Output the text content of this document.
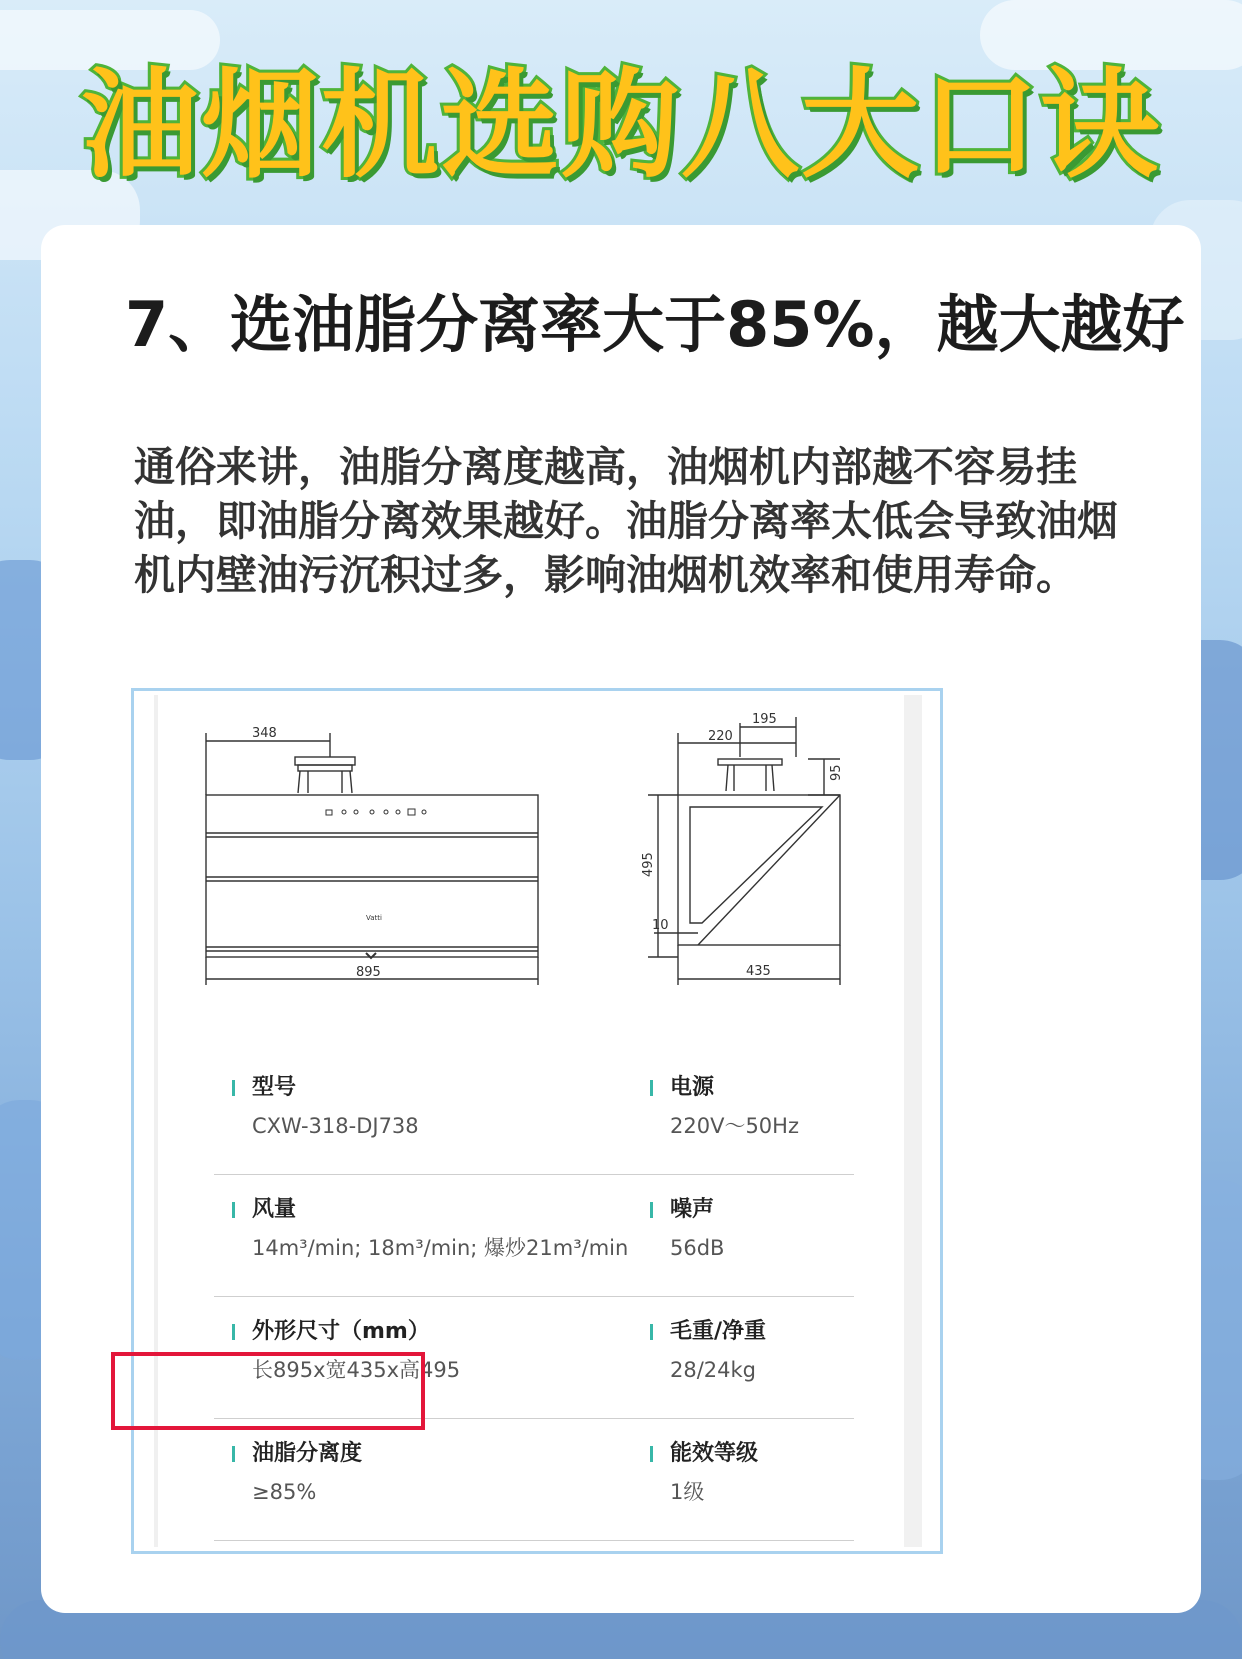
油烟机选购八大口诀
7、选油脂分离率大于85%，越大越好
通俗来讲，油脂分离度越高，油烟机内部越不容易挂油，即油脂分离效果越好。油脂分离率太低会导致油烟机内壁油污沉积过多，影响油烟机效率和使用寿命。
Vatti
348
895
195
220
95
495
10
435
型号
CXW-318-DJ738
电源
220V～50Hz
风量
14m³/min; 18m³/min; 爆炒21m³/min
噪声
56dB
外形尺寸（mm）
长895x宽435x高495
毛重/净重
28/24kg
油脂分离度
≥85%
能效等级
1级
